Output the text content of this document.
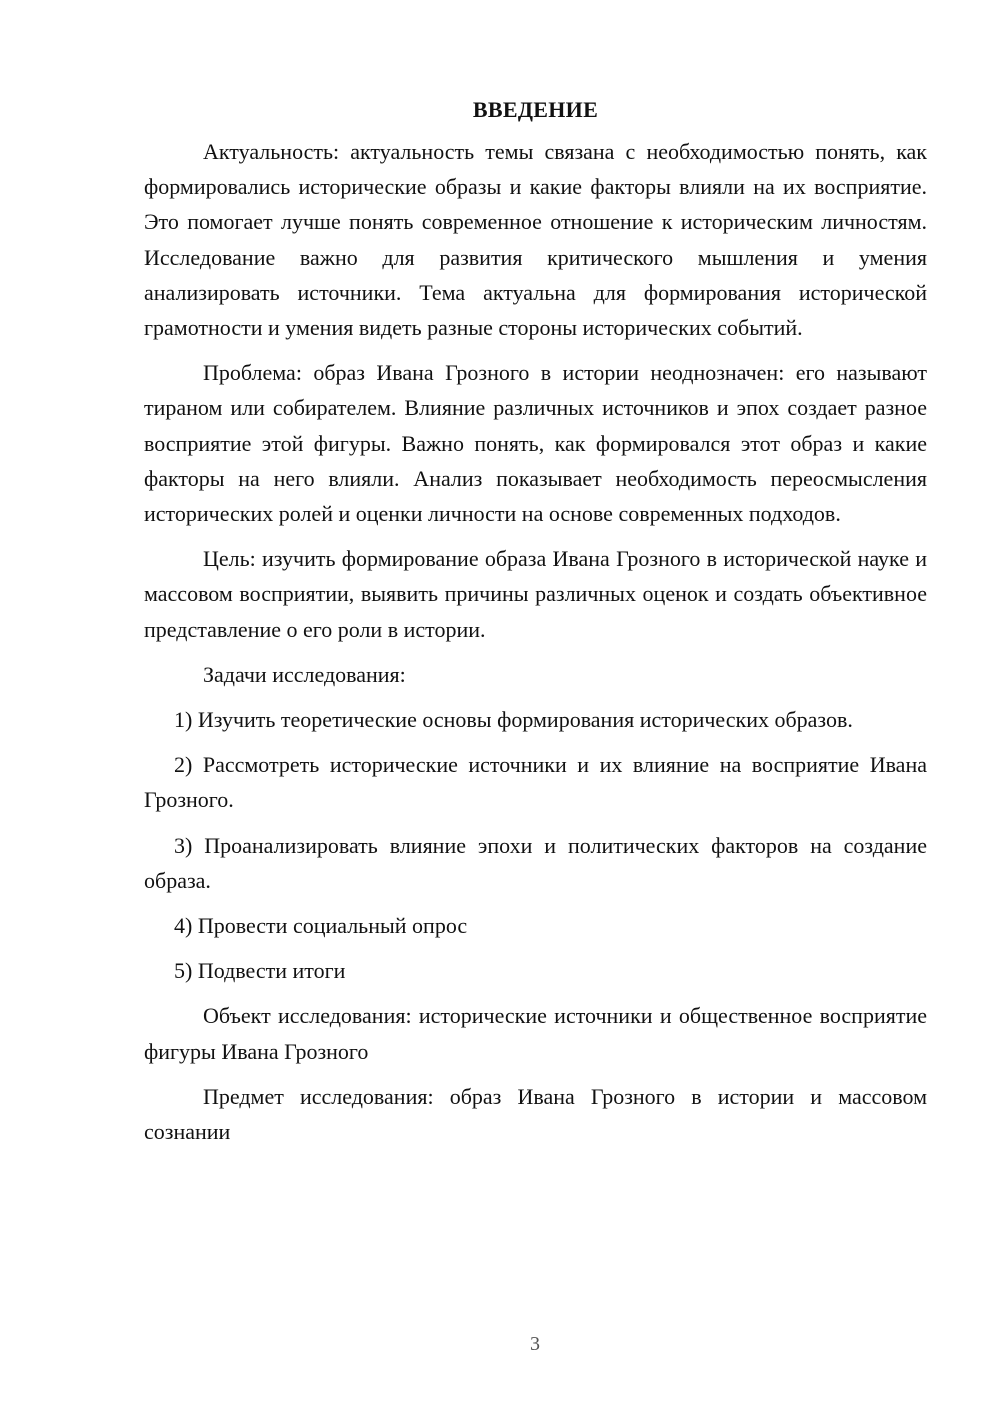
ВВЕДЕНИЕ

Актуальность: актуальность темы связана с необходимостью понять, как формировались исторические образы и какие факторы влияли на их восприятие. Это помогает лучше понять современное отношение к историческим личностям. Исследование важно для развития критического мышления и умения анализировать источники. Тема актуальна для формирования исторической грамотности и умения видеть разные стороны исторических событий.

Проблема: образ Ивана Грозного в истории неоднозначен: его называют тираном или собирателем. Влияние различных источников и эпох создает разное восприятие этой фигуры. Важно понять, как формировался этот образ и какие факторы на него влияли. Анализ показывает необходимость переосмысления исторических ролей и оценки личности на основе современных подходов.

Цель: изучить формирование образа Ивана Грозного в исторической науке и массовом восприятии, выявить причины различных оценок и создать объективное представление о его роли в истории.

Задачи исследования:

1) Изучить теоретические основы формирования исторических образов.

2) Рассмотреть исторические источники и их влияние на восприятие Ивана Грозного.

3) Проанализировать влияние эпохи и политических факторов на создание образа.

4) Провести социальный опрос

5) Подвести итоги

Объект исследования: исторические источники и общественное восприятие фигуры Ивана Грозного

Предмет исследования: образ Ивана Грозного в истории и массовом сознании

3
